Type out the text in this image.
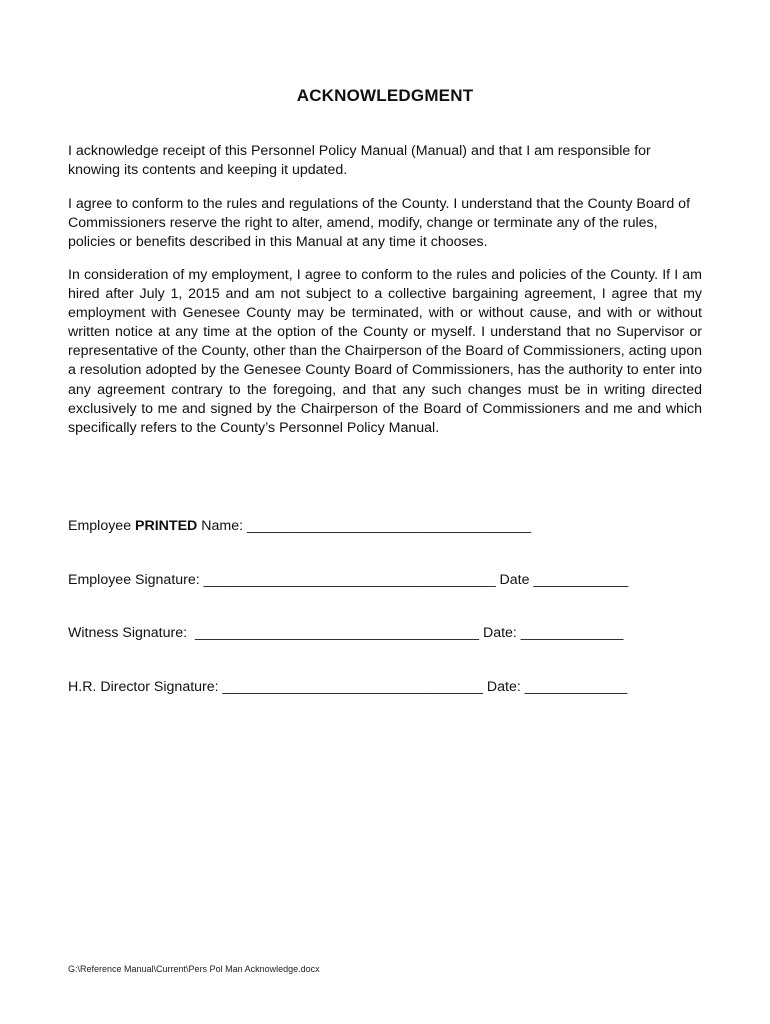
ACKNOWLEDGMENT

I acknowledge receipt of this Personnel Policy Manual (Manual) and that I am responsible for knowing its contents and keeping it updated.

I agree to conform to the rules and regulations of the County. I understand that the County Board of Commissioners reserve the right to alter, amend, modify, change or terminate any of the rules, policies or benefits described in this Manual at any time it chooses.

In consideration of my employment, I agree to conform to the rules and policies of the County. If I am hired after July 1, 2015 and am not subject to a collective bargaining agreement, I agree that my employment with Genesee County may be terminated, with or without cause, and with or without written notice at any time at the option of the County or myself. I understand that no Supervisor or representative of the County, other than the Chairperson of the Board of Commissioners, acting upon a resolution adopted by the Genesee County Board of Commissioners, has the authority to enter into any agreement contrary to the foregoing, and that any such changes must be in writing directed exclusively to me and signed by the Chairperson of the Board of Commissioners and me and which specifically refers to the County’s Personnel Policy Manual.

Employee PRINTED Name: ____________________________________
Employee Signature: _____________________________________ Date ____________
Witness Signature:  ____________________________________ Date: _____________
H.R. Director Signature: _________________________________ Date: _____________
G:\Reference Manual\Current\Pers Pol Man Acknowledge.docx
